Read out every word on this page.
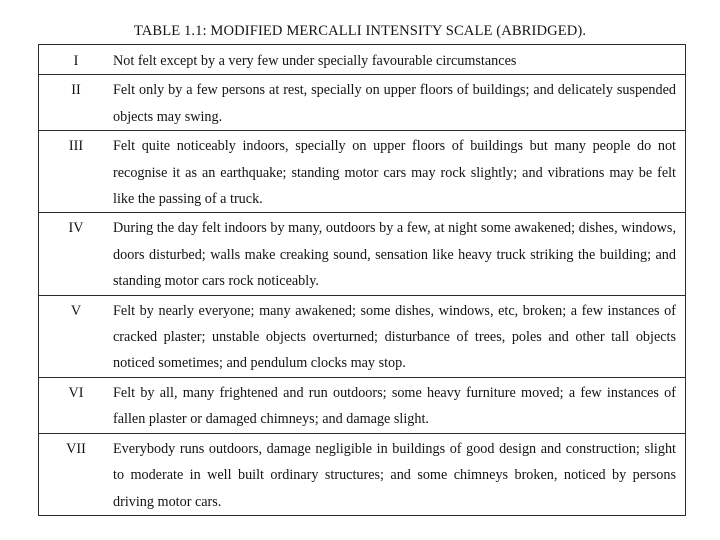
TABLE 1.1: MODIFIED MERCALLI INTENSITY SCALE (ABRIDGED).
I	Not felt except by a very few under specially favourable circumstances
II	Felt only by a few persons at rest, specially on upper floors of buildings; and delicately suspended objects may swing.
III	Felt quite noticeably indoors, specially on upper floors of buildings but many people do not recognise it as an earthquake; standing motor cars may rock slightly; and vibrations may be felt like the passing of a truck.
IV	During the day felt indoors by many, outdoors by a few, at night some awakened; dishes, windows, doors disturbed; walls make creaking sound, sensation like heavy truck striking the building; and standing motor cars rock noticeably.
V	Felt by nearly everyone; many awakened; some dishes, windows, etc, broken; a few instances of cracked plaster; unstable objects overturned; disturbance of trees, poles and other tall objects noticed sometimes; and pendulum clocks may stop.
VI	Felt by all, many frightened and run outdoors; some heavy furniture moved; a few instances of fallen plaster or damaged chimneys; and damage slight.
VII	Everybody runs outdoors, damage negligible in buildings of good design and construction; slight to moderate in well built ordinary structures; and some chimneys broken, noticed by persons driving motor cars.
